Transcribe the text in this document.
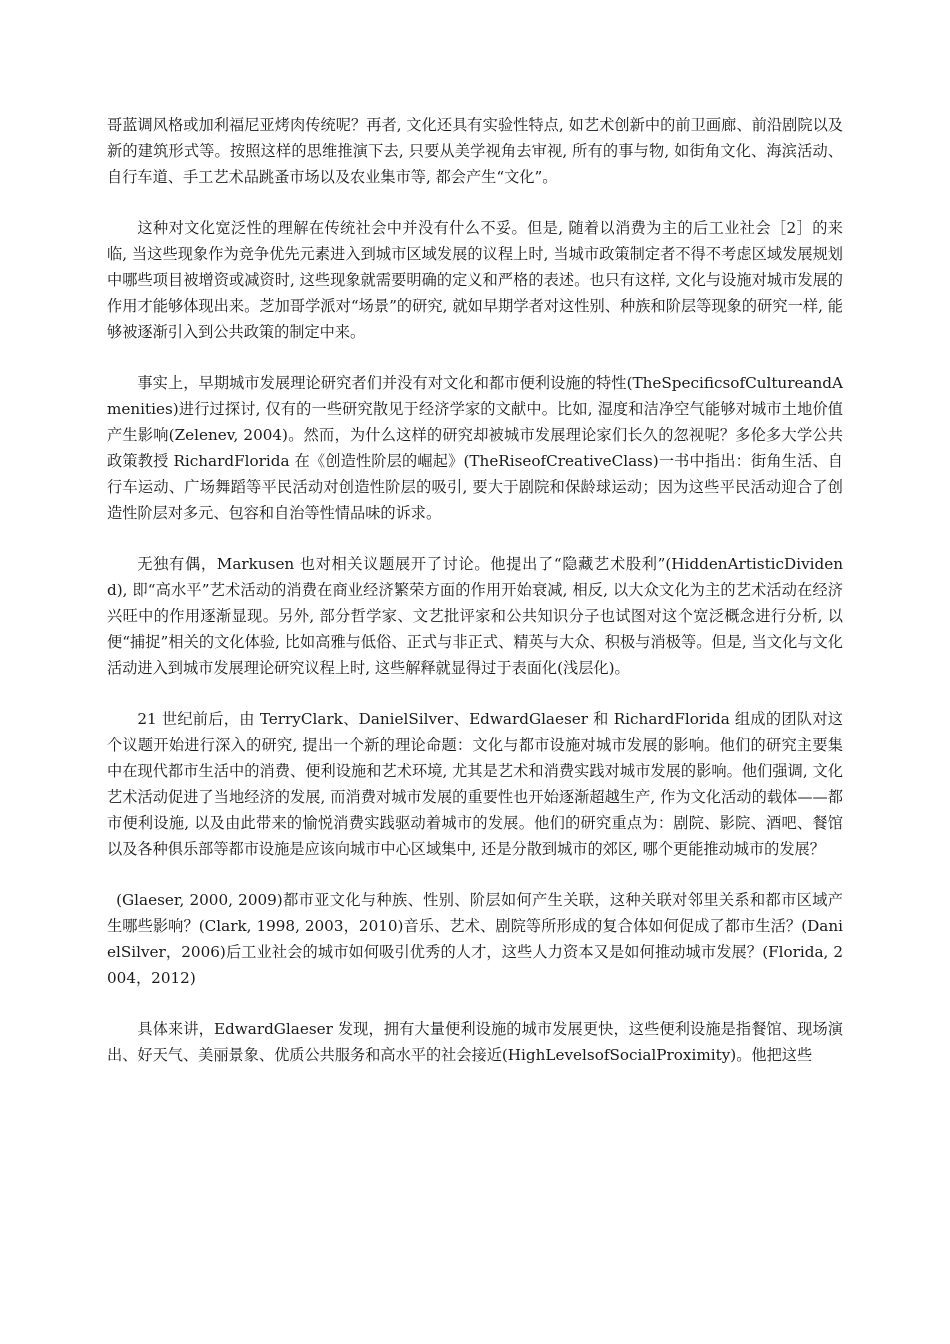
哥蓝调风格或加利福尼亚烤肉传统呢？再者, 文化还具有实验性特点, 如艺术创新中的前卫画廊、前沿剧院以及新的建筑形式等。按照这样的思维推演下去, 只要从美学视角去审视, 所有的事与物, 如街角文化、海滨活动、自行车道、手工艺术品跳蚤市场以及农业集市等, 都会产生“文化”。

这种对文化宽泛性的理解在传统社会中并没有什么不妥。但是, 随着以消费为主的后工业社会［2］的来临, 当这些现象作为竞争优先元素进入到城市区域发展的议程上时, 当城市政策制定者不得不考虑区域发展规划中哪些项目被增资或减资时, 这些现象就需要明确的定义和严格的表述。也只有这样, 文化与设施对城市发展的作用才能够体现出来。芝加哥学派对“场景”的研究, 就如早期学者对这性别、种族和阶层等现象的研究一样, 能够被逐渐引入到公共政策的制定中来。

事实上，早期城市发展理论研究者们并没有对文化和都市便利设施的特性(TheSpecificsofCultureandAmenities)进行过探讨, 仅有的一些研究散见于经济学家的文献中。比如, 湿度和洁净空气能够对城市土地价值产生影响(Zelenev, 2004)。然而，为什么这样的研究却被城市发展理论家们长久的忽视呢？多伦多大学公共政策教授 RichardFlorida 在《创造性阶层的崛起》(TheRiseofCreativeClass)一书中指出：街角生活、自行车运动、广场舞蹈等平民活动对创造性阶层的吸引, 要大于剧院和保龄球运动；因为这些平民活动迎合了创造性阶层对多元、包容和自治等性情品味的诉求。

无独有偶，Markusen 也对相关议题展开了讨论。他提出了“隐藏艺术股利”(HiddenArtisticDividend), 即“高水平”艺术活动的消费在商业经济繁荣方面的作用开始衰减, 相反, 以大众文化为主的艺术活动在经济兴旺中的作用逐渐显现。另外, 部分哲学家、文艺批评家和公共知识分子也试图对这个宽泛概念进行分析, 以便“捕捉”相关的文化体验, 比如高雅与低俗、正式与非正式、精英与大众、积极与消极等。但是, 当文化与文化活动进入到城市发展理论研究议程上时, 这些解释就显得过于表面化(浅层化)。

21 世纪前后，由 TerryClark、DanielSilver、EdwardGlaeser 和 RichardFlorida 组成的团队对这个议题开始进行深入的研究, 提出一个新的理论命题：文化与都市设施对城市发展的影响。他们的研究主要集中在现代都市生活中的消费、便利设施和艺术环境, 尤其是艺术和消费实践对城市发展的影响。他们强调, 文化艺术活动促进了当地经济的发展, 而消费对城市发展的重要性也开始逐渐超越生产, 作为文化活动的载体——都市便利设施, 以及由此带来的愉悦消费实践驱动着城市的发展。他们的研究重点为：剧院、影院、酒吧、餐馆以及各种俱乐部等都市设施是应该向城市中心区域集中, 还是分散到城市的郊区, 哪个更能推动城市的发展？

(Glaeser, 2000, 2009)都市亚文化与种族、性别、阶层如何产生关联，这种关联对邻里关系和都市区域产生哪些影响？(Clark, 1998, 2003，2010)音乐、艺术、剧院等所形成的复合体如何促成了都市生活？(DanielSilver，2006)后工业社会的城市如何吸引优秀的人才，这些人力资本又是如何推动城市发展？(Florida, 2004，2012)

具体来讲，EdwardGlaeser 发现，拥有大量便利设施的城市发展更快，这些便利设施是指餐馆、现场演出、好天气、美丽景象、优质公共服务和高水平的社会接近(HighLevelsofSocialProximity)。他把这些
